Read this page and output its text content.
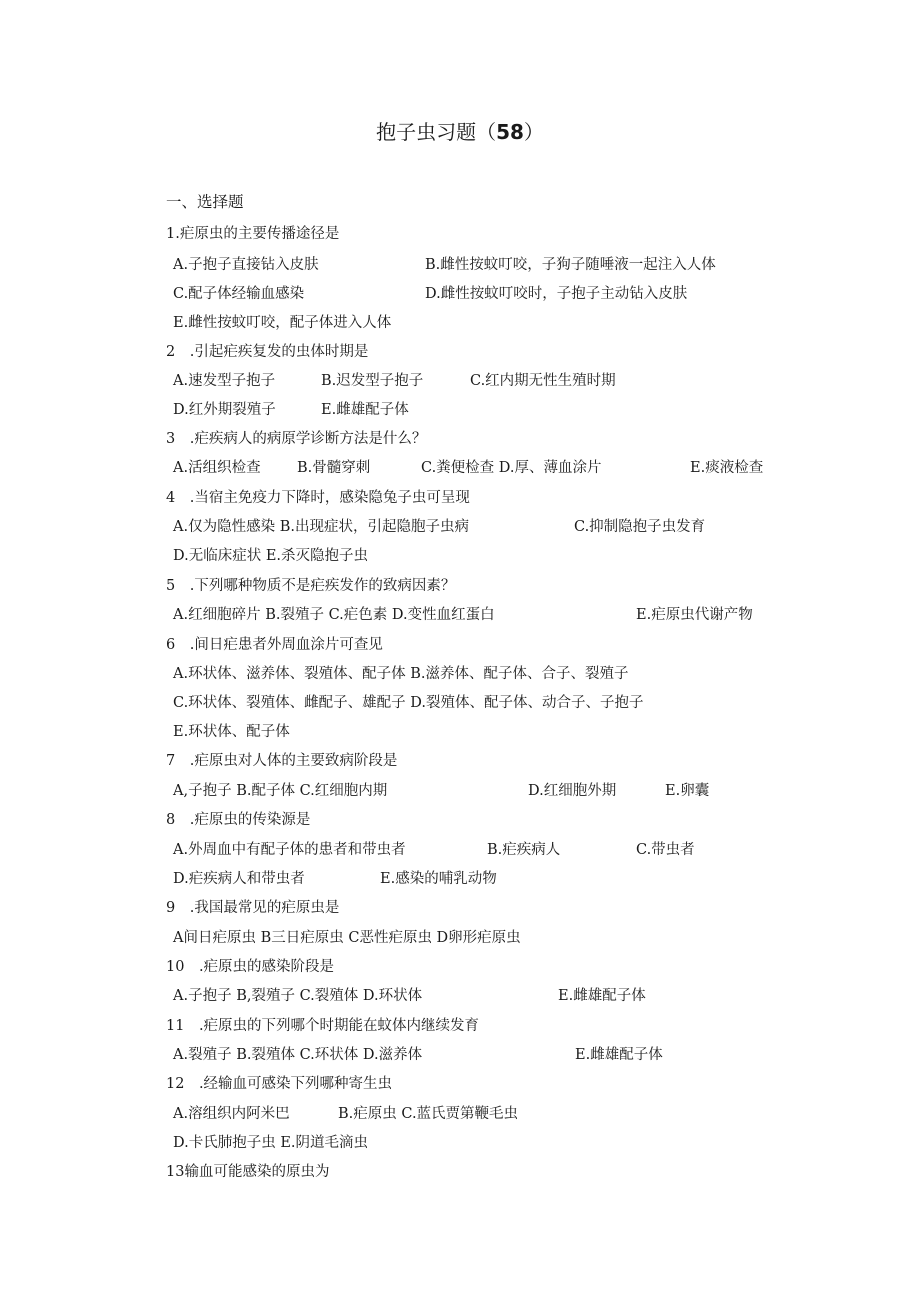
抱子虫习题（58）
一、选择题
1.疟原虫的主要传播途径是
A.子抱子直接钻入皮肤	B.雌性按蚊叮咬，子狗子随唾液一起注入人体
C.配子体经输血感染	D.雌性按蚊叮咬时，子抱子主动钻入皮肤
E.雌性按蚊叮咬，配子体进入人体
2　.引起疟疾复发的虫体时期是
A.速发型子抱子	B.迟发型子抱子	C.红内期无性生殖时期
D.红外期裂殖子	E.雌雄配子体
3　.疟疾病人的病原学诊断方法是什么？
A.活组织检查	B.骨髓穿刺	C.粪便检查 D.厚、薄血涂片	E.痰液检查
4　.当宿主免疫力下降时，感染隐兔子虫可呈现
A.仅为隐性感染 B.出现症状，引起隐胞子虫病	C.抑制隐抱子虫发育
D.无临床症状 E.杀灭隐抱子虫
5　.下列哪种物质不是疟疾发作的致病因素？
A.红细胞碎片 B.裂殖子 C.疟色素 D.变性血红蛋白	E.疟原虫代谢产物
6　.间日疟患者外周血涂片可查见
A.环状体、滋养体、裂殖体、配子体 B.滋养体、配子体、合子、裂殖子
C.环状体、裂殖体、雌配子、雄配子 D.裂殖体、配子体、动合子、子抱子
E.环状体、配子体
7　.疟原虫对人体的主要致病阶段是
A,子抱子 B.配子体 C.红细胞内期	D.红细胞外期	E.卵囊
8　.疟原虫的传染源是
A.外周血中有配子体的患者和带虫者	B.疟疾病人	C.带虫者
D.疟疾病人和带虫者	E.感染的哺乳动物
9　.我国最常见的疟原虫是
A间日疟原虫 B三日疟原虫 C恶性疟原虫 D卵形疟原虫
10　.疟原虫的感染阶段是
A.子抱子 B,裂殖子 C.裂殖体 D.环状体	E.雌雄配子体
11　.疟原虫的下列哪个时期能在蚊体内继续发育
A.裂殖子 B.裂殖体 C.环状体 D.滋养体	E.雌雄配子体
12　.经输血可感染下列哪种寄生虫
A.溶组织内阿米巴	B.疟原虫 C.蓝氏贾第鞭毛虫
D.卡氏肺抱子虫 E.阴道毛滴虫
13输血可能感染的原虫为
